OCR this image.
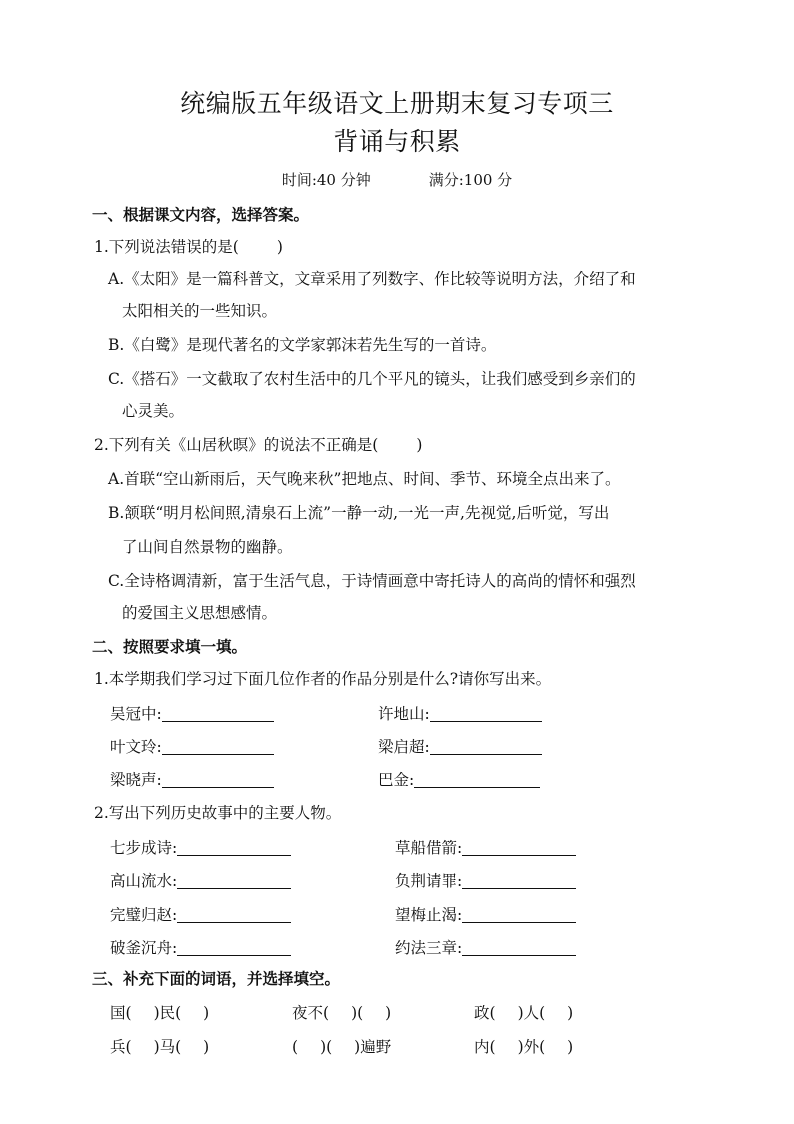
统编版五年级语文上册期末复习专项三
背诵与积累
时间:40 分钟	满分:100 分
一、根据课文内容，选择答案。
1.下列说法错误的是( )
A.《太阳》是一篇科普文，文章采用了列数字、作比较等说明方法，介绍了和
太阳相关的一些知识。
B.《白鹭》是现代著名的文学家郭沫若先生写的一首诗。
C.《搭石》一文截取了农村生活中的几个平凡的镜头，让我们感受到乡亲们的
心灵美。
2.下列有关《山居秋暝》的说法不正确是( )
A.首联“空山新雨后，天气晚来秋”把地点、时间、季节、环境全点出来了。
B.颔联“明月松间照,清泉石上流”一静一动,一光一声,先视觉,后听觉，写出
了山间自然景物的幽静。
C.全诗格调清新，富于生活气息，于诗情画意中寄托诗人的高尚的情怀和强烈
的爱国主义思想感情。
二、按照要求填一填。
1.本学期我们学习过下面几位作者的作品分别是什么?请你写出来。
吴冠中:	许地山:
叶文玲:	梁启超:
梁晓声:	巴金:
2.写出下列历史故事中的主要人物。
七步成诗:	草船借箭:
高山流水:	负荆请罪:
完璧归赵:	望梅止渴:
破釜沉舟:	约法三章:
三、补充下面的词语，并选择填空。
国( )民( )	夜不( )( )	政( )人( )
兵( )马( )	( )( )遍野	内( )外( )
